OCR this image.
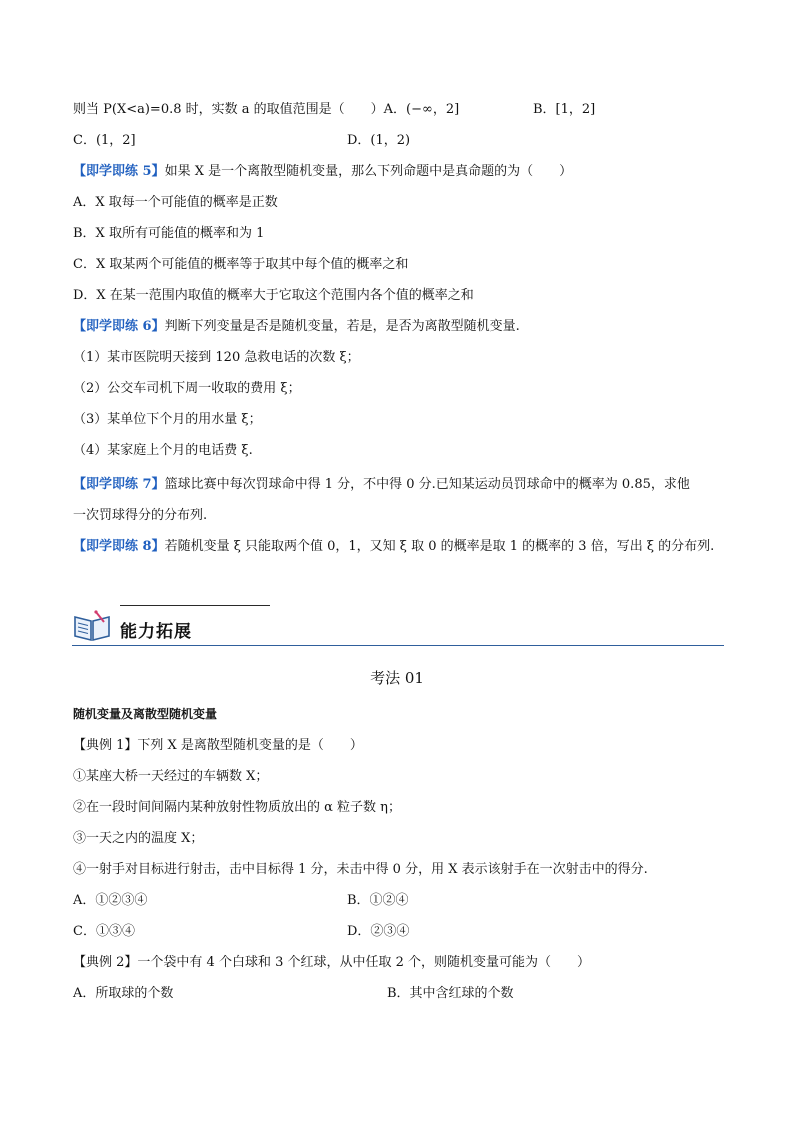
则当 P(X<a)=0.8 时，实数 a 的取值范围是（　　）A．(−∞，2]	B．[1，2]
C．(1，2]	D．(1，2)
【即学即练 5】如果 X 是一个离散型随机变量，那么下列命题中是真命题的为（　　）
A．X 取每一个可能值的概率是正数
B．X 取所有可能值的概率和为 1
C．X 取某两个可能值的概率等于取其中每个值的概率之和
D．X 在某一范围内取值的概率大于它取这个范围内各个值的概率之和
【即学即练 6】判断下列变量是否是随机变量，若是，是否为离散型随机变量.
（1）某市医院明天接到 120 急救电话的次数 ξ；
（2）公交车司机下周一收取的费用 ξ；
（3）某单位下个月的用水量 ξ；
（4）某家庭上个月的电话费 ξ.
【即学即练 7】篮球比赛中每次罚球命中得 1 分，不中得 0 分.已知某运动员罚球命中的概率为 0.85，求他
一次罚球得分的分布列.
【即学即练 8】若随机变量 ξ 只能取两个值 0，1，又知 ξ 取 0 的概率是取 1 的概率的 3 倍，写出 ξ 的分布列.
能力拓展
考法 01
随机变量及离散型随机变量
【典例 1】下列 X 是离散型随机变量的是（　　）
①某座大桥一天经过的车辆数 X；
②在一段时间间隔内某种放射性物质放出的 α 粒子数 η；
③一天之内的温度 X；
④一射手对目标进行射击，击中目标得 1 分，未击中得 0 分，用 X 表示该射手在一次射击中的得分.
A．①②③④	B．①②④
C．①③④	D．②③④
【典例 2】一个袋中有 4 个白球和 3 个红球，从中任取 2 个，则随机变量可能为（　　）
A．所取球的个数	B．其中含红球的个数
